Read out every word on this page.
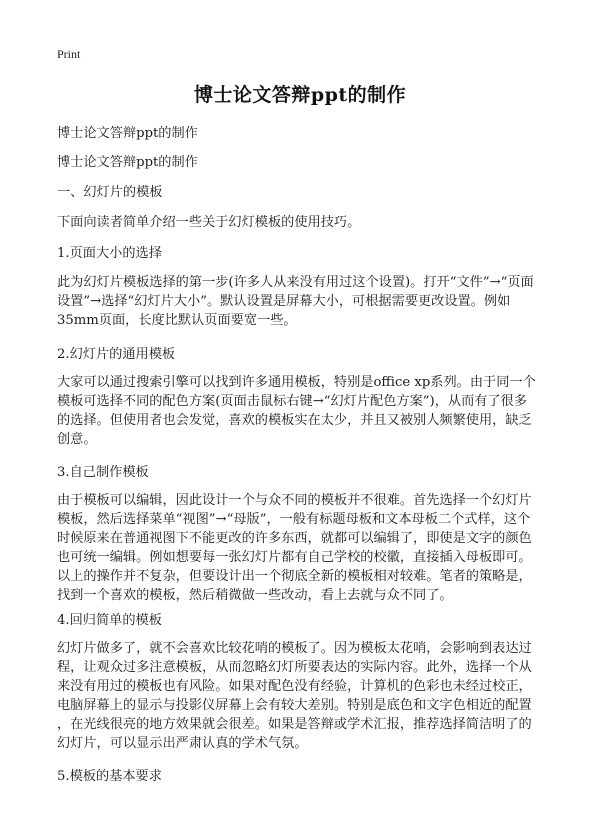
Print
博士论文答辩ppt的制作
博士论文答辩ppt的制作
博士论文答辩ppt的制作
一、幻灯片的模板
下面向读者简单介绍一些关于幻灯模板的使用技巧。
1.页面大小的选择
此为幻灯片模板选择的第一步(许多人从来没有用过这个设置)。打开“文件”→“页面
设置”→选择“幻灯片大小”。默认设置是屏幕大小，可根据需要更改设置。例如
35mm页面，长度比默认页面要宽一些。
2.幻灯片的通用模板
大家可以通过搜索引擎可以找到许多通用模板，特别是office xp系列。由于同一个
模板可选择不同的配色方案(页面击鼠标右键→“幻灯片配色方案”)，从而有了很多
的选择。但使用者也会发觉，喜欢的模板实在太少，并且又被别人频繁使用，缺乏
创意。
3.自己制作模板
由于模板可以编辑，因此设计一个与众不同的模板并不很难。首先选择一个幻灯片
模板，然后选择菜单“视图”→“母版”，一般有标题母板和文本母板二个式样，这个
时候原来在普通视图下不能更改的许多东西，就都可以编辑了，即使是文字的颜色
也可统一编辑。例如想要每一张幻灯片都有自己学校的校徽，直接插入母板即可。
以上的操作并不复杂，但要设计出一个彻底全新的模板相对较难。笔者的策略是，
找到一个喜欢的模板，然后稍微做一些改动，看上去就与众不同了。
4.回归简单的模板
幻灯片做多了，就不会喜欢比较花哨的模板了。因为模板太花哨，会影响到表达过
程，让观众过多注意模板，从而忽略幻灯所要表达的实际内容。此外，选择一个从
来没有用过的模板也有风险。如果对配色没有经验，计算机的色彩也未经过校正，
电脑屏幕上的显示与投影仪屏幕上会有较大差别。特别是底色和文字色相近的配置
，在光线很亮的地方效果就会很差。如果是答辩或学术汇报，推荐选择简洁明了的
幻灯片，可以显示出严肃认真的学术气氛。
5.模板的基本要求
